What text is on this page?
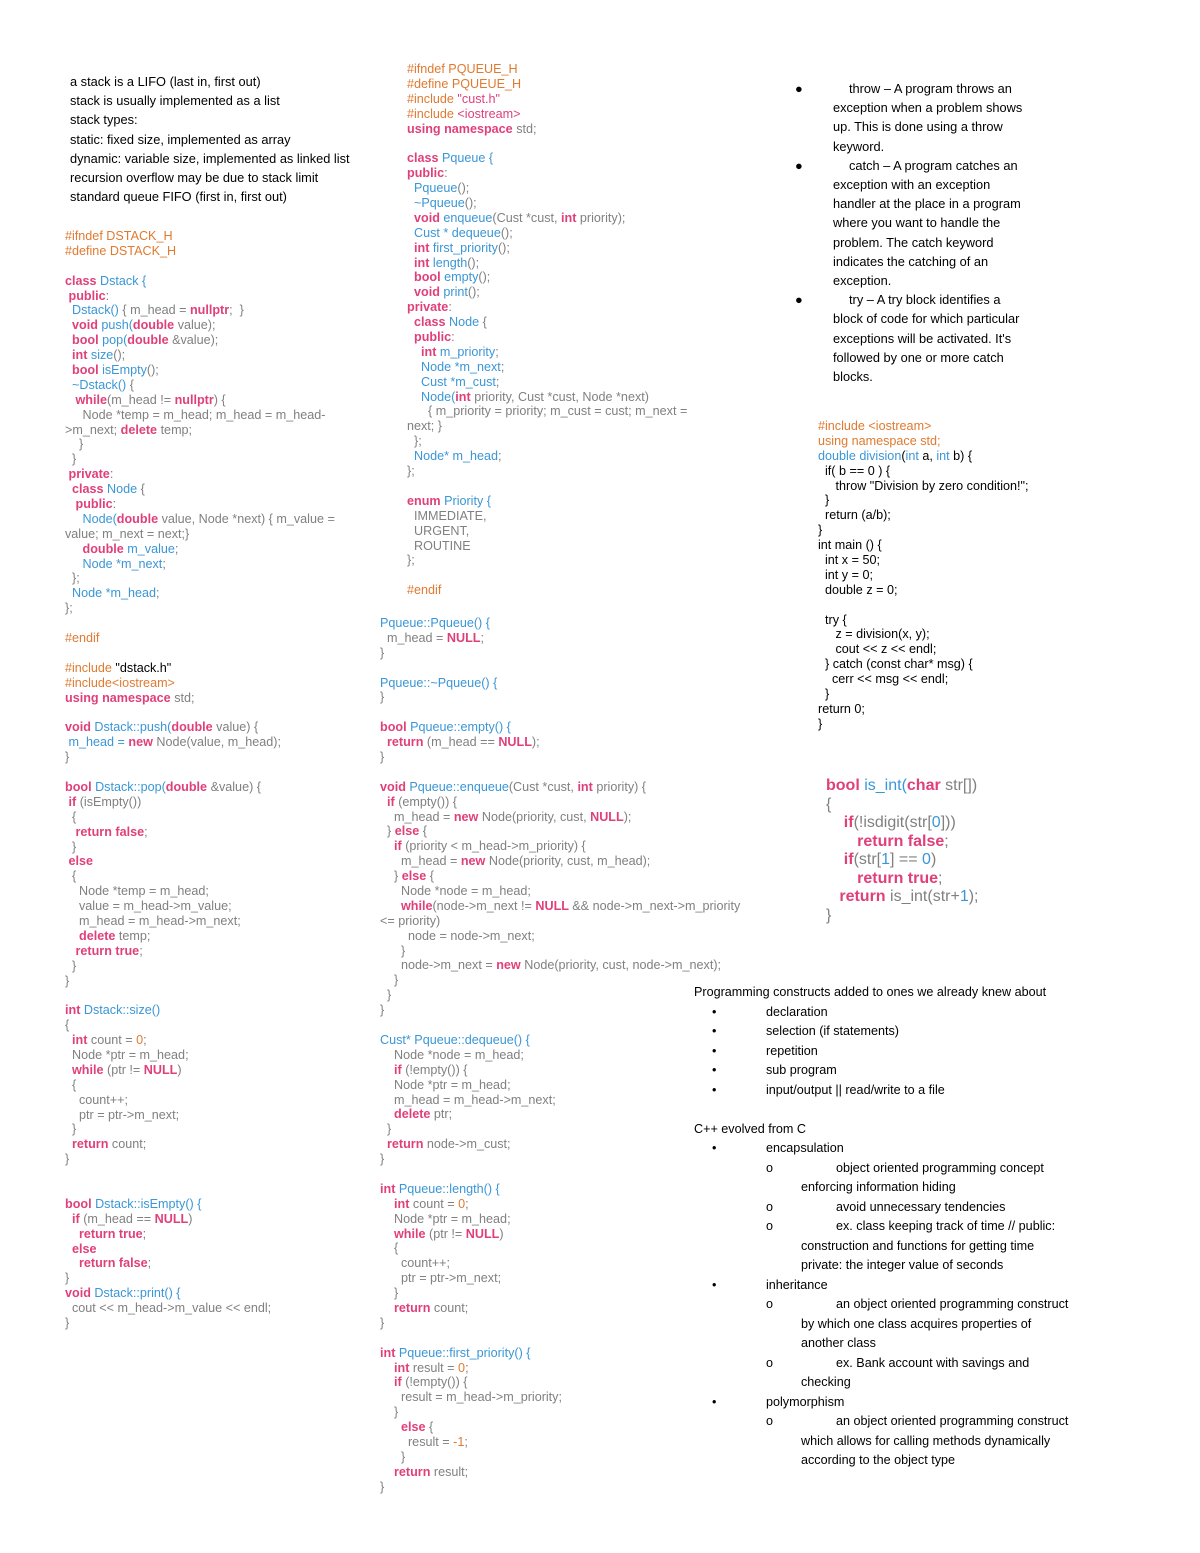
a stack is a LIFO (last in, first out)
stack is usually implemented as a list
stack types:
static: fixed size, implemented as array
dynamic: variable size, implemented as linked list
recursion overflow may be due to stack limit
standard queue FIFO (first in, first out)
#ifndef DSTACK_H
#define DSTACK_H
class Dstack {
public:
Dstack() { m_head = nullptr;  }
void push(double value);
bool pop(double &value);
int size();
bool isEmpty();
~Dstack() {
while(m_head != nullptr) {
Node *temp = m_head; m_head = m_head-
>m_next; delete temp;
}
}
private:
class Node {
public:
Node(double value, Node *next) { m_value =
value; m_next = next;}
double m_value;
Node *m_next;
};
Node *m_head;
};
#endif
#include "dstack.h"
#include<iostream>
using namespace std;
void Dstack::push(double value) {
m_head = new Node(value, m_head);
}
bool Dstack::pop(double &value) {
if (isEmpty())
{
return false;
}
else
{
Node *temp = m_head;
value = m_head->m_value;
m_head = m_head->m_next;
delete temp;
return true;
}
}
int Dstack::size()
{
int count = 0;
Node *ptr = m_head;
while (ptr != NULL)
{
count++;
ptr = ptr->m_next;
}
return count;
}
bool Dstack::isEmpty() {
if (m_head == NULL)
return true;
else
return false;
}
void Dstack::print() {
cout << m_head->m_value << endl;
}
#ifndef PQUEUE_H
#define PQUEUE_H
#include "cust.h"
#include <iostream>
using namespace std;
class Pqueue {
public:
Pqueue();
~Pqueue();
void enqueue(Cust *cust, int priority);
Cust * dequeue();
int first_priority();
int length();
bool empty();
void print();
private:
class Node {
public:
int m_priority;
Node *m_next;
Cust *m_cust;
Node(int priority, Cust *cust, Node *next)
{ m_priority = priority; m_cust = cust; m_next =
next; }
};
Node* m_head;
};
enum Priority {
IMMEDIATE,
URGENT,
ROUTINE
};
#endif
Pqueue::Pqueue() {
m_head = NULL;
}
Pqueue::~Pqueue() {
}
bool Pqueue::empty() {
return (m_head == NULL);
}
void Pqueue::enqueue(Cust *cust, int priority) {
if (empty()) {
m_head = new Node(priority, cust, NULL);
} else {
if (priority < m_head->m_priority) {
m_head = new Node(priority, cust, m_head);
} else {
Node *node = m_head;
while(node->m_next != NULL && node->m_next->m_priority
<= priority)
node = node->m_next;
}
node->m_next = new Node(priority, cust, node->m_next);
}
}
}
Cust* Pqueue::dequeue() {
Node *node = m_head;
if (!empty()) {
Node *ptr = m_head;
m_head = m_head->m_next;
delete ptr;
}
return node->m_cust;
}
int Pqueue::length() {
int count = 0;
Node *ptr = m_head;
while (ptr != NULL)
{
count++;
ptr = ptr->m_next;
}
return count;
}
int Pqueue::first_priority() {
int result = 0;
if (!empty()) {
result = m_head->m_priority;
}
else {
result = -1;
}
return result;
}
●	throw – A program throws an
exception when a problem shows
up. This is done using a throw
keyword.
●	catch – A program catches an
exception with an exception
handler at the place in a program
where you want to handle the
problem. The catch keyword
indicates the catching of an
exception.
●	try – A try block identifies a
block of code for which particular
exceptions will be activated. It's
followed by one or more catch
blocks.
#include <iostream>
using namespace std;
double division(int a, int b) {
if( b == 0 ) {
throw "Division by zero condition!";
}
return (a/b);
}
int main () {
int x = 50;
int y = 0;
double z = 0;
try {
z = division(x, y);
cout << z << endl;
} catch (const char* msg) {
cerr << msg << endl;
}
return 0;
}
bool is_int(char str[])
{
if(!isdigit(str[0]))
return false;
if(str[1] == 0)
return true;
return is_int(str+1);
}
Programming constructs added to ones we already knew about
•	declaration
•	selection (if statements)
•	repetition
•	sub program
•	input/output || read/write to a file
C++ evolved from C
•	encapsulation
o	object oriented programming concept
enforcing information hiding
o	avoid unnecessary tendencies
o	ex. class keeping track of time // public:
construction and functions for getting time
private: the integer value of seconds
•	inheritance
o	an object oriented programming construct
by which one class acquires properties of
another class
o	ex. Bank account with savings and
checking
•	polymorphism
o	an object oriented programming construct
which allows for calling methods dynamically
according to the object type
